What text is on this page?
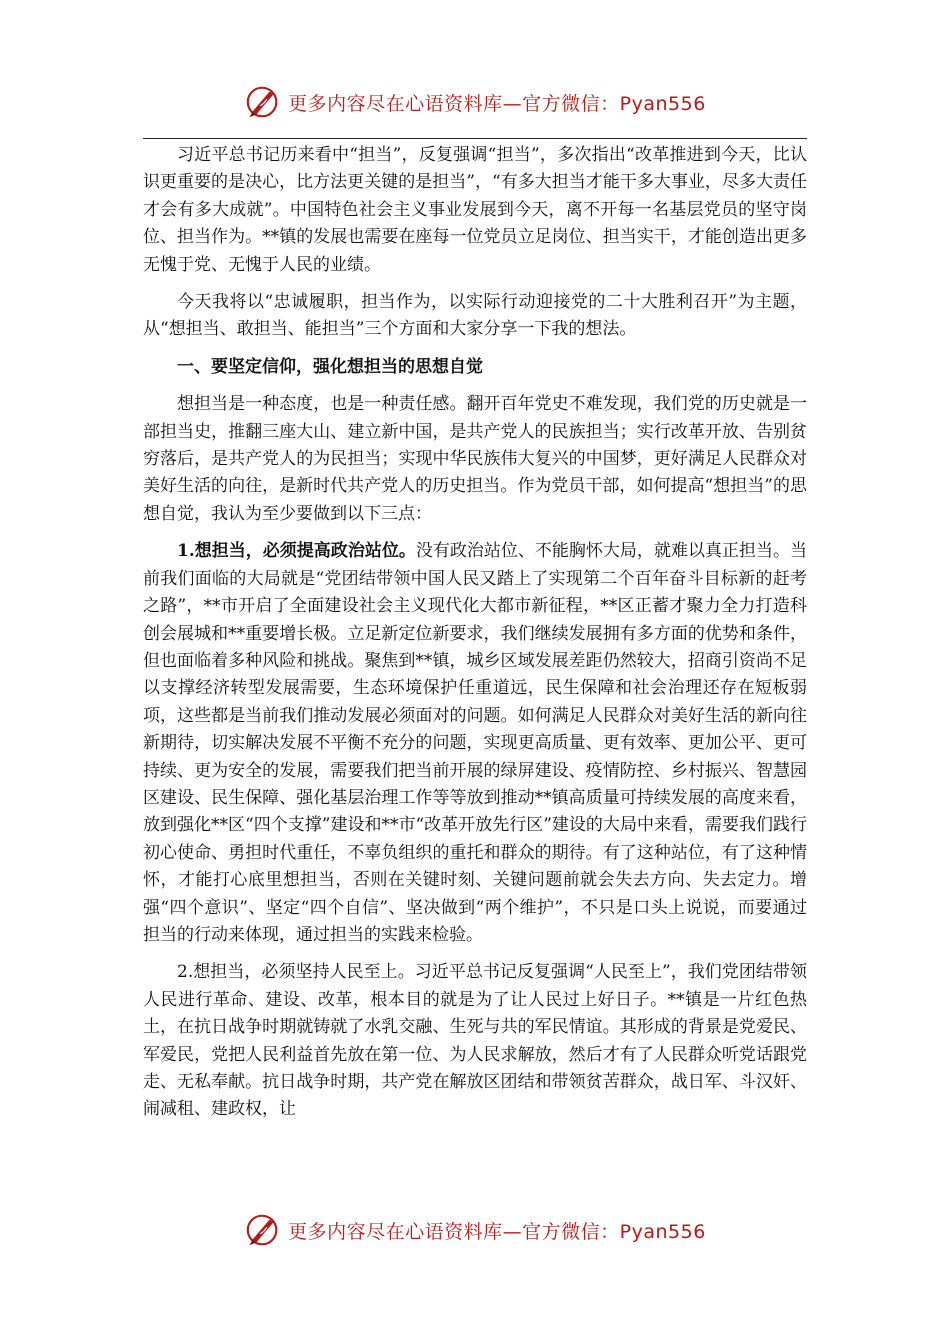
更多内容尽在心语资料库—官方微信：Pyan556

习近平总书记历来看中“担当”，反复强调“担当”，多次指出“改革推进到今天，比认识更重要的是决心，比方法更关键的是担当”，“有多大担当才能干多大事业，尽多大责任才会有多大成就”。中国特色社会主义事业发展到今天，离不开每一名基层党员的坚守岗位、担当作为。**镇的发展也需要在座每一位党员立足岗位、担当实干，才能创造出更多无愧于党、无愧于人民的业绩。

今天我将以“忠诚履职，担当作为，以实际行动迎接党的二十大胜利召开”为主题，从“想担当、敢担当、能担当”三个方面和大家分享一下我的想法。

一、要坚定信仰，强化想担当的思想自觉

想担当是一种态度，也是一种责任感。翻开百年党史不难发现，我们党的历史就是一部担当史，推翻三座大山、建立新中国，是共产党人的民族担当；实行改革开放、告别贫穷落后，是共产党人的为民担当；实现中华民族伟大复兴的中国梦，更好满足人民群众对美好生活的向往，是新时代共产党人的历史担当。作为党员干部，如何提高“想担当”的思想自觉，我认为至少要做到以下三点：

1.想担当，必须提高政治站位。没有政治站位、不能胸怀大局，就难以真正担当。当前我们面临的大局就是“党团结带领中国人民又踏上了实现第二个百年奋斗目标新的赶考之路”，**市开启了全面建设社会主义现代化大都市新征程，**区正蓄才聚力全力打造科创会展城和**重要增长极。立足新定位新要求，我们继续发展拥有多方面的优势和条件，但也面临着多种风险和挑战。聚焦到**镇，城乡区域发展差距仍然较大，招商引资尚不足以支撑经济转型发展需要，生态环境保护任重道远，民生保障和社会治理还存在短板弱项，这些都是当前我们推动发展必须面对的问题。如何满足人民群众对美好生活的新向往新期待，切实解决发展不平衡不充分的问题，实现更高质量、更有效率、更加公平、更可持续、更为安全的发展，需要我们把当前开展的绿屏建设、疫情防控、乡村振兴、智慧园区建设、民生保障、强化基层治理工作等等放到推动**镇高质量可持续发展的高度来看，放到强化**区“四个支撑”建设和**市“改革开放先行区”建设的大局中来看，需要我们践行初心使命、勇担时代重任，不辜负组织的重托和群众的期待。有了这种站位，有了这种情怀，才能打心底里想担当，否则在关键时刻、关键问题前就会失去方向、失去定力。增强“四个意识”、坚定“四个自信”、坚决做到“两个维护”，不只是口头上说说，而要通过担当的行动来体现，通过担当的实践来检验。

2.想担当，必须坚持人民至上。习近平总书记反复强调“人民至上”，我们党团结带领人民进行革命、建设、改革，根本目的就是为了让人民过上好日子。**镇是一片红色热土，在抗日战争时期就铸就了水乳交融、生死与共的军民情谊。其形成的背景是党爱民、军爱民，党把人民利益首先放在第一位、为人民求解放，然后才有了人民群众听党话跟党走、无私奉献。抗日战争时期，共产党在解放区团结和带领贫苦群众，战日军、斗汉奸、闹减租、建政权，让

更多内容尽在心语资料库—官方微信：Pyan556
